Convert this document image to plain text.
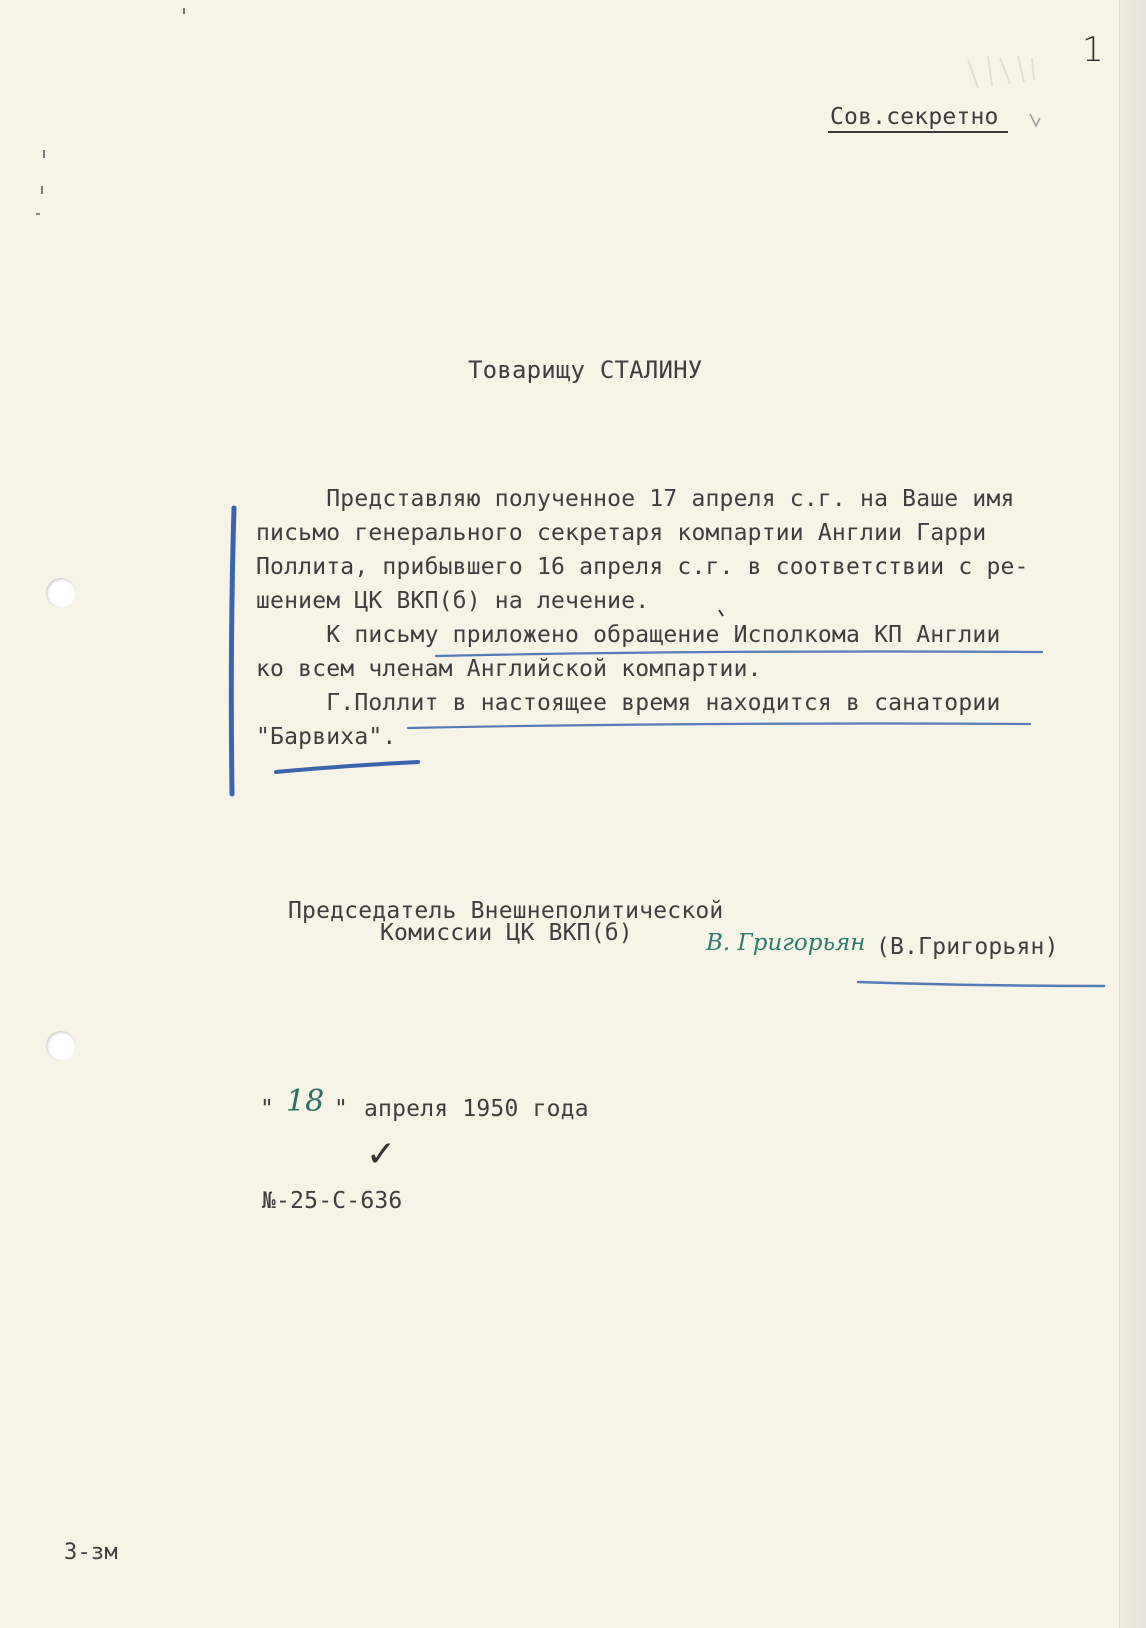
1
Сов.секретно
Товарищу СТАЛИНУ
Представляю полученное 17 апреля с.г. на Ваше имя
письмо генерального секретаря компартии Англии Гарри
Поллита, прибывшего 16 апреля с.г. в соответствии с ре-
шением ЦК ВКП(б) на лечение.
К письму приложено обращение Исполкома КП Англии
ко всем членам Английской компартии.
Г.Поллит в настоящее время находится в санатории
"Барвиха".
Председатель Внешнеполитической
Комиссии ЦК ВКП(б)	В. Григорьян (В.Григорьян)
" 18 " апреля 1950 года
✓
№-25-С-636
3-зм
